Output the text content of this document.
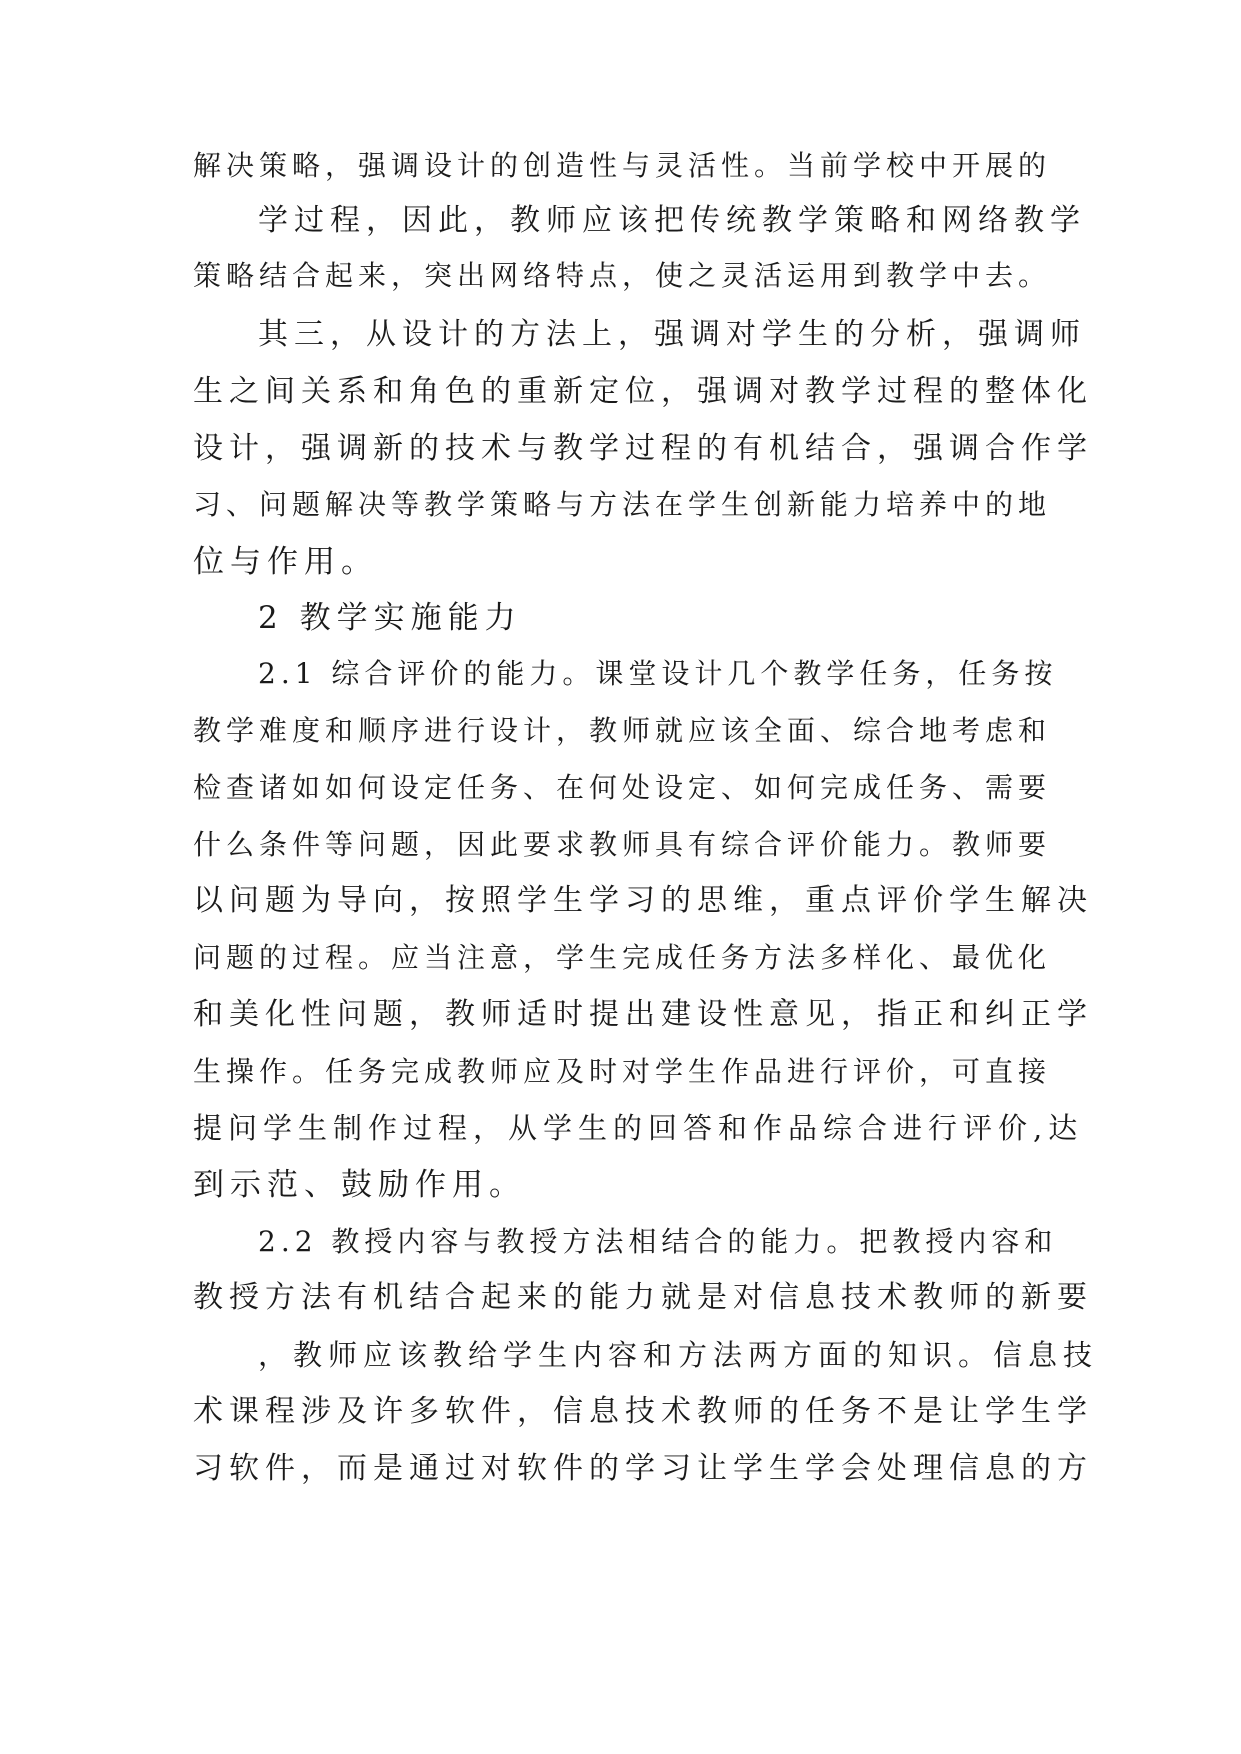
解决策略，强调设计的创造性与灵活性。当前学校中开展的
学过程，因此，教师应该把传统教学策略和网络教学
策略结合起来，突出网络特点，使之灵活运用到教学中去。
其三，从设计的方法上，强调对学生的分析，强调师
生之间关系和角色的重新定位，强调对教学过程的整体化
设计，强调新的技术与教学过程的有机结合，强调合作学
习、问题解决等教学策略与方法在学生创新能力培养中的地
位与作用。
2 教学实施能力
2.1 综合评价的能力。课堂设计几个教学任务，任务按
教学难度和顺序进行设计，教师就应该全面、综合地考虑和
检查诸如如何设定任务、在何处设定、如何完成任务、需要
什么条件等问题，因此要求教师具有综合评价能力。教师要
以问题为导向，按照学生学习的思维，重点评价学生解决
问题的过程。应当注意，学生完成任务方法多样化、最优化
和美化性问题，教师适时提出建设性意见，指正和纠正学
生操作。任务完成教师应及时对学生作品进行评价，可直接
提问学生制作过程，从学生的回答和作品综合进行评价,达
到示范、鼓励作用。
2.2 教授内容与教授方法相结合的能力。把教授内容和
教授方法有机结合起来的能力就是对信息技术教师的新要
，教师应该教给学生内容和方法两方面的知识。信息技
术课程涉及许多软件，信息技术教师的任务不是让学生学
习软件，而是通过对软件的学习让学生学会处理信息的方
